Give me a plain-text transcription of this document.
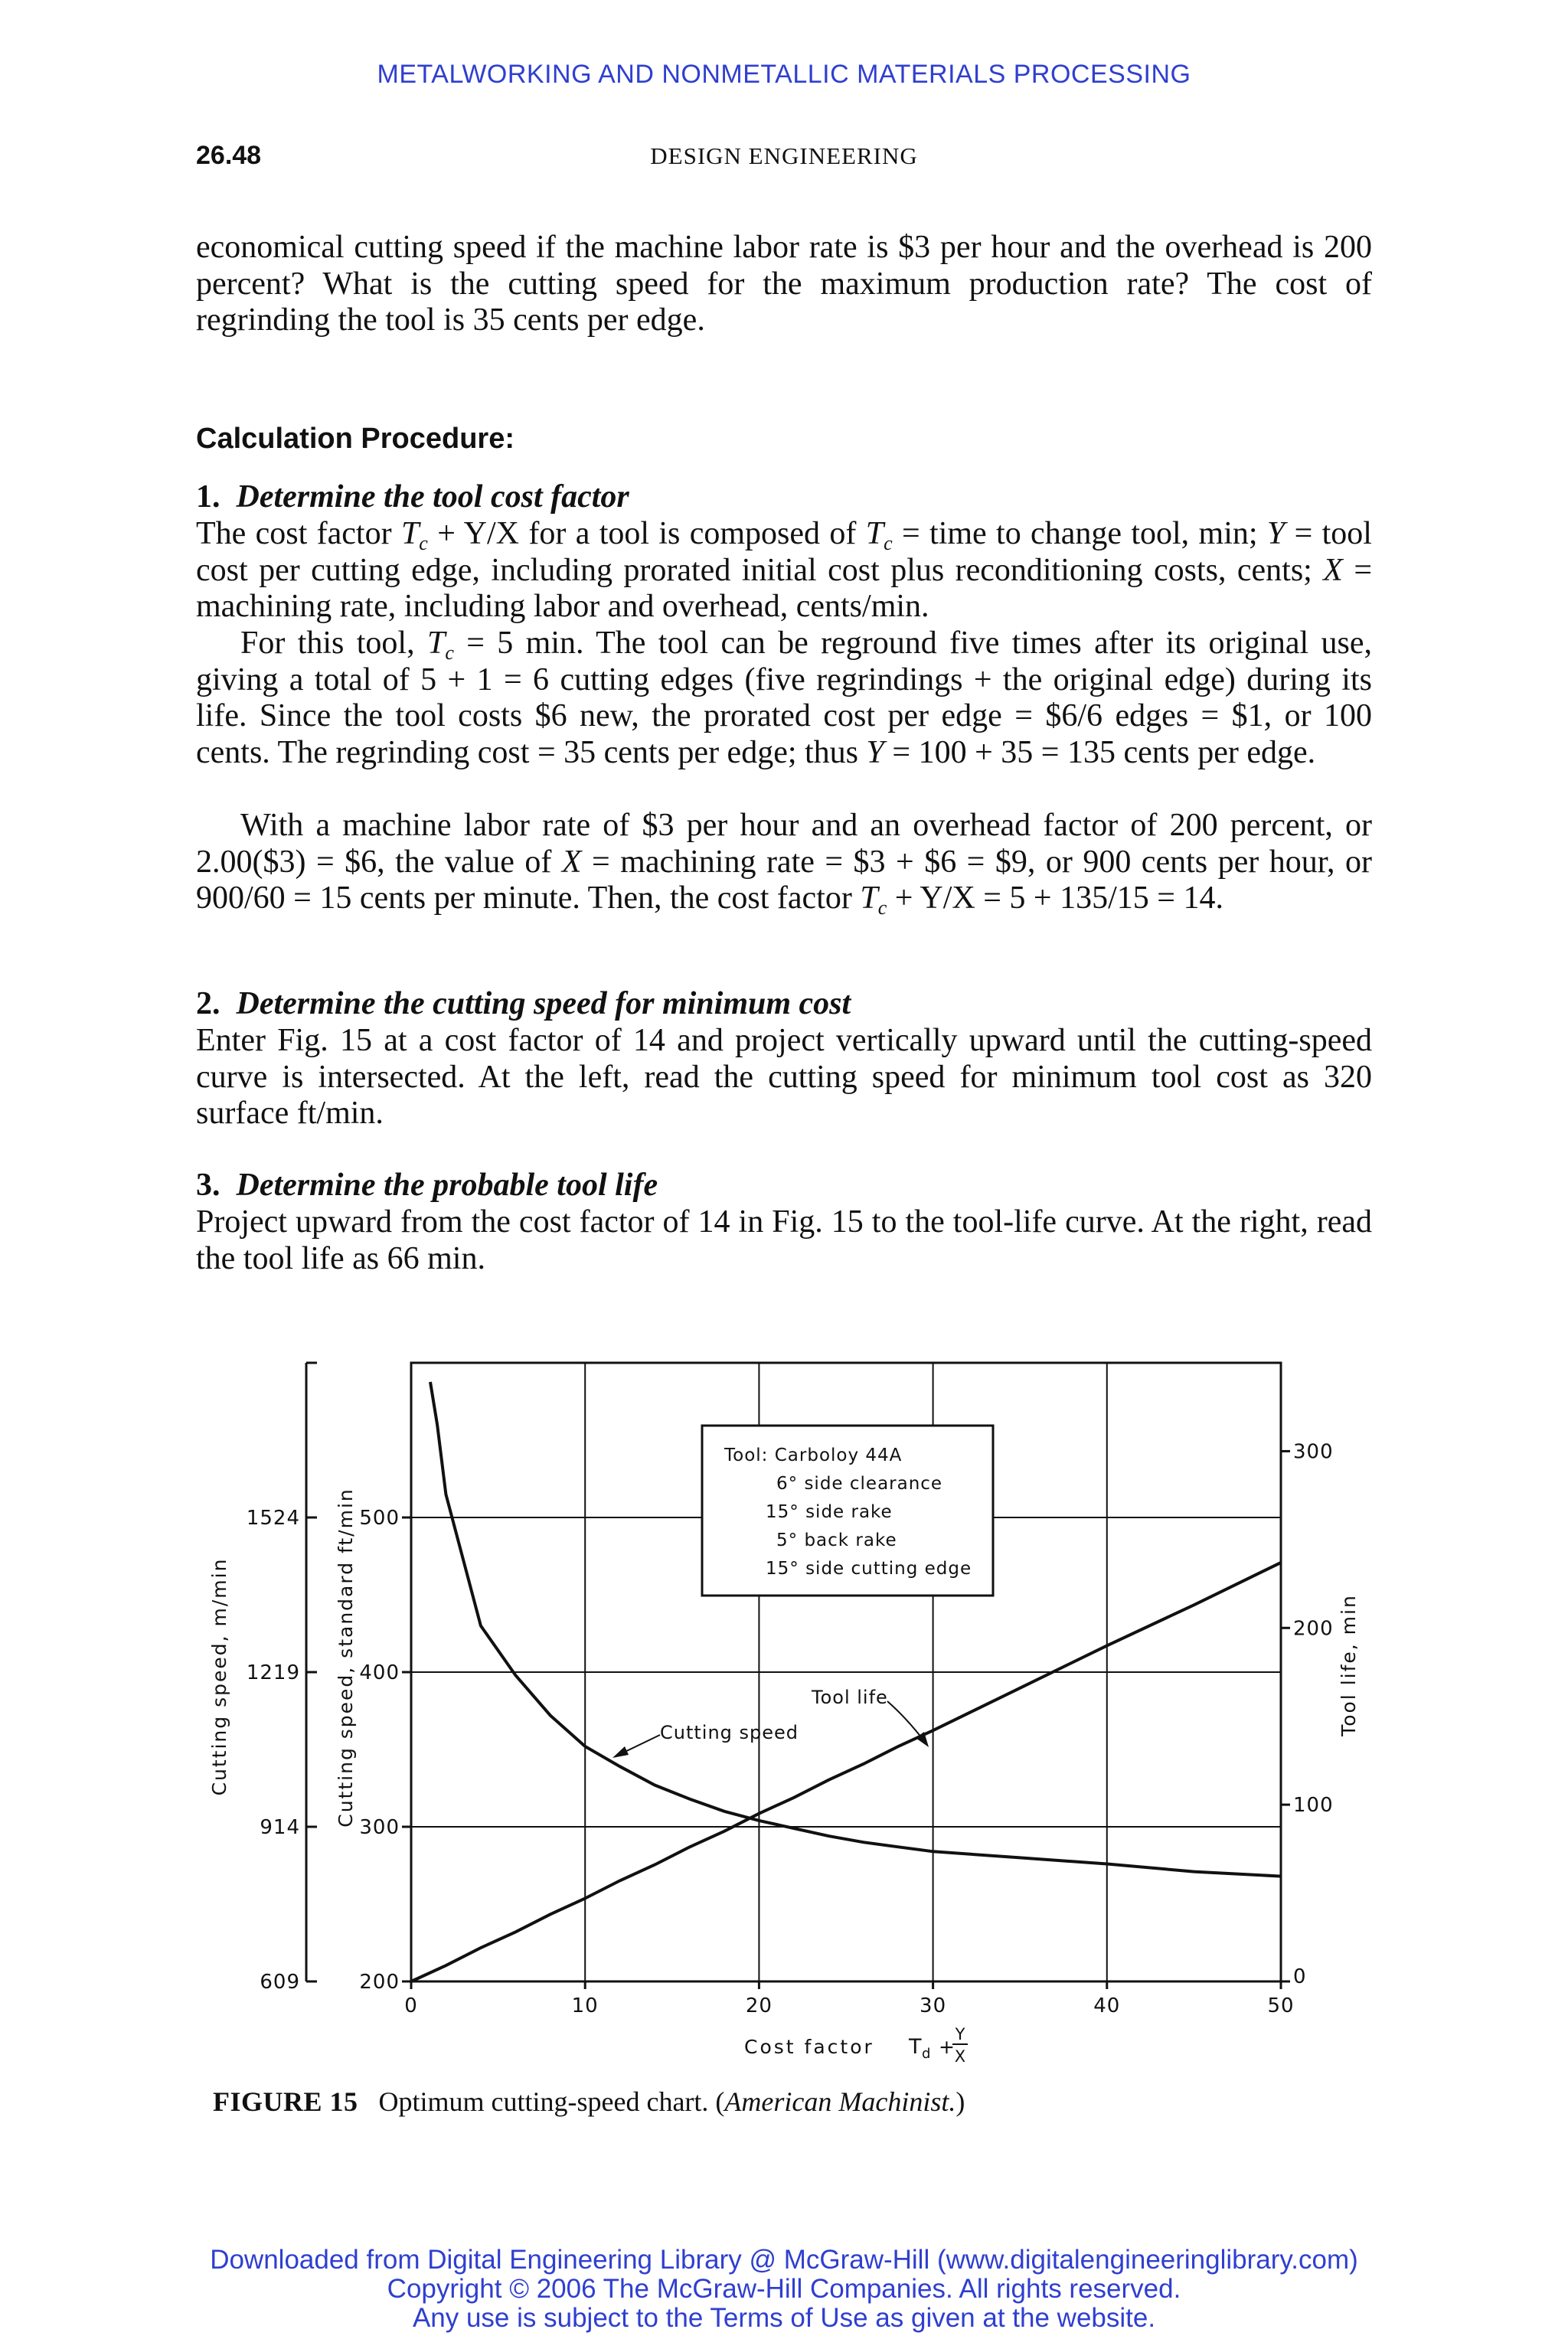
METALWORKING AND NONMETALLIC MATERIALS PROCESSING
26.48	DESIGN ENGINEERING

economical cutting speed if the machine labor rate is $3 per hour and the overhead is 200 percent? What is the cutting speed for the maximum production rate? The cost of regrinding the tool is 35 cents per edge.

Calculation Procedure:
1. Determine the tool cost factor

The cost factor $T_c + Y/X$ for a tool is composed of $T_c$ = time to change tool, min; Y = tool cost per cutting edge, including prorated initial cost plus reconditioning costs, cents; X = machining rate, including labor and overhead, cents/min.

For this tool, $T_c = 5$ min. The tool can be reground five times after its original use, giving a total of 5 + 1 = 6 cutting edges (five regrindings + the original edge) during its life. Since the tool costs $6 new, the prorated cost per edge = $6/6 edges = $1, or 100 cents. The regrinding cost = 35 cents per edge; thus Y = 100 + 35 = 135 cents per edge.

With a machine labor rate of $3 per hour and an overhead factor of 200 percent, or 2.00($3) = $6, the value of X = machining rate = $3 + $6 = $9, or 900 cents per hour, or 900/60 = 15 cents per minute. Then, the cost factor $T_c + Y/X = 5 + 135/15 = 14$.

2. Determine the cutting speed for minimum cost

Enter Fig. 15 at a cost factor of 14 and project vertically upward until the cutting-speed curve is intersected. At the left, read the cutting speed for minimum tool cost as 320 surface ft/min.

3. Determine the probable tool life

Project upward from the cost factor of 14 in Fig. 15 to the tool-life curve. At the right, read the tool life as 66 min.

609
914
1219
1524
200
300
400
500
0
100
200
300
0	10	20	30	40	50
Cutting speed, m/min	Cutting speed, standard ft/min	Tool life, min
Cost factor T d +
Y
X
Tool: Carboloy 44A
6° side clearance
15° side rake
5° back rake
15° side cutting edge
Cutting speed
Tool life
FIGURE 15 Optimum cutting-speed chart. (American Machinist.)
Downloaded from Digital Engineering Library @ McGraw-Hill (www.digitalengineeringlibrary.com)
Copyright © 2006 The McGraw-Hill Companies. All rights reserved.
Any use is subject to the Terms of Use as given at the website.
